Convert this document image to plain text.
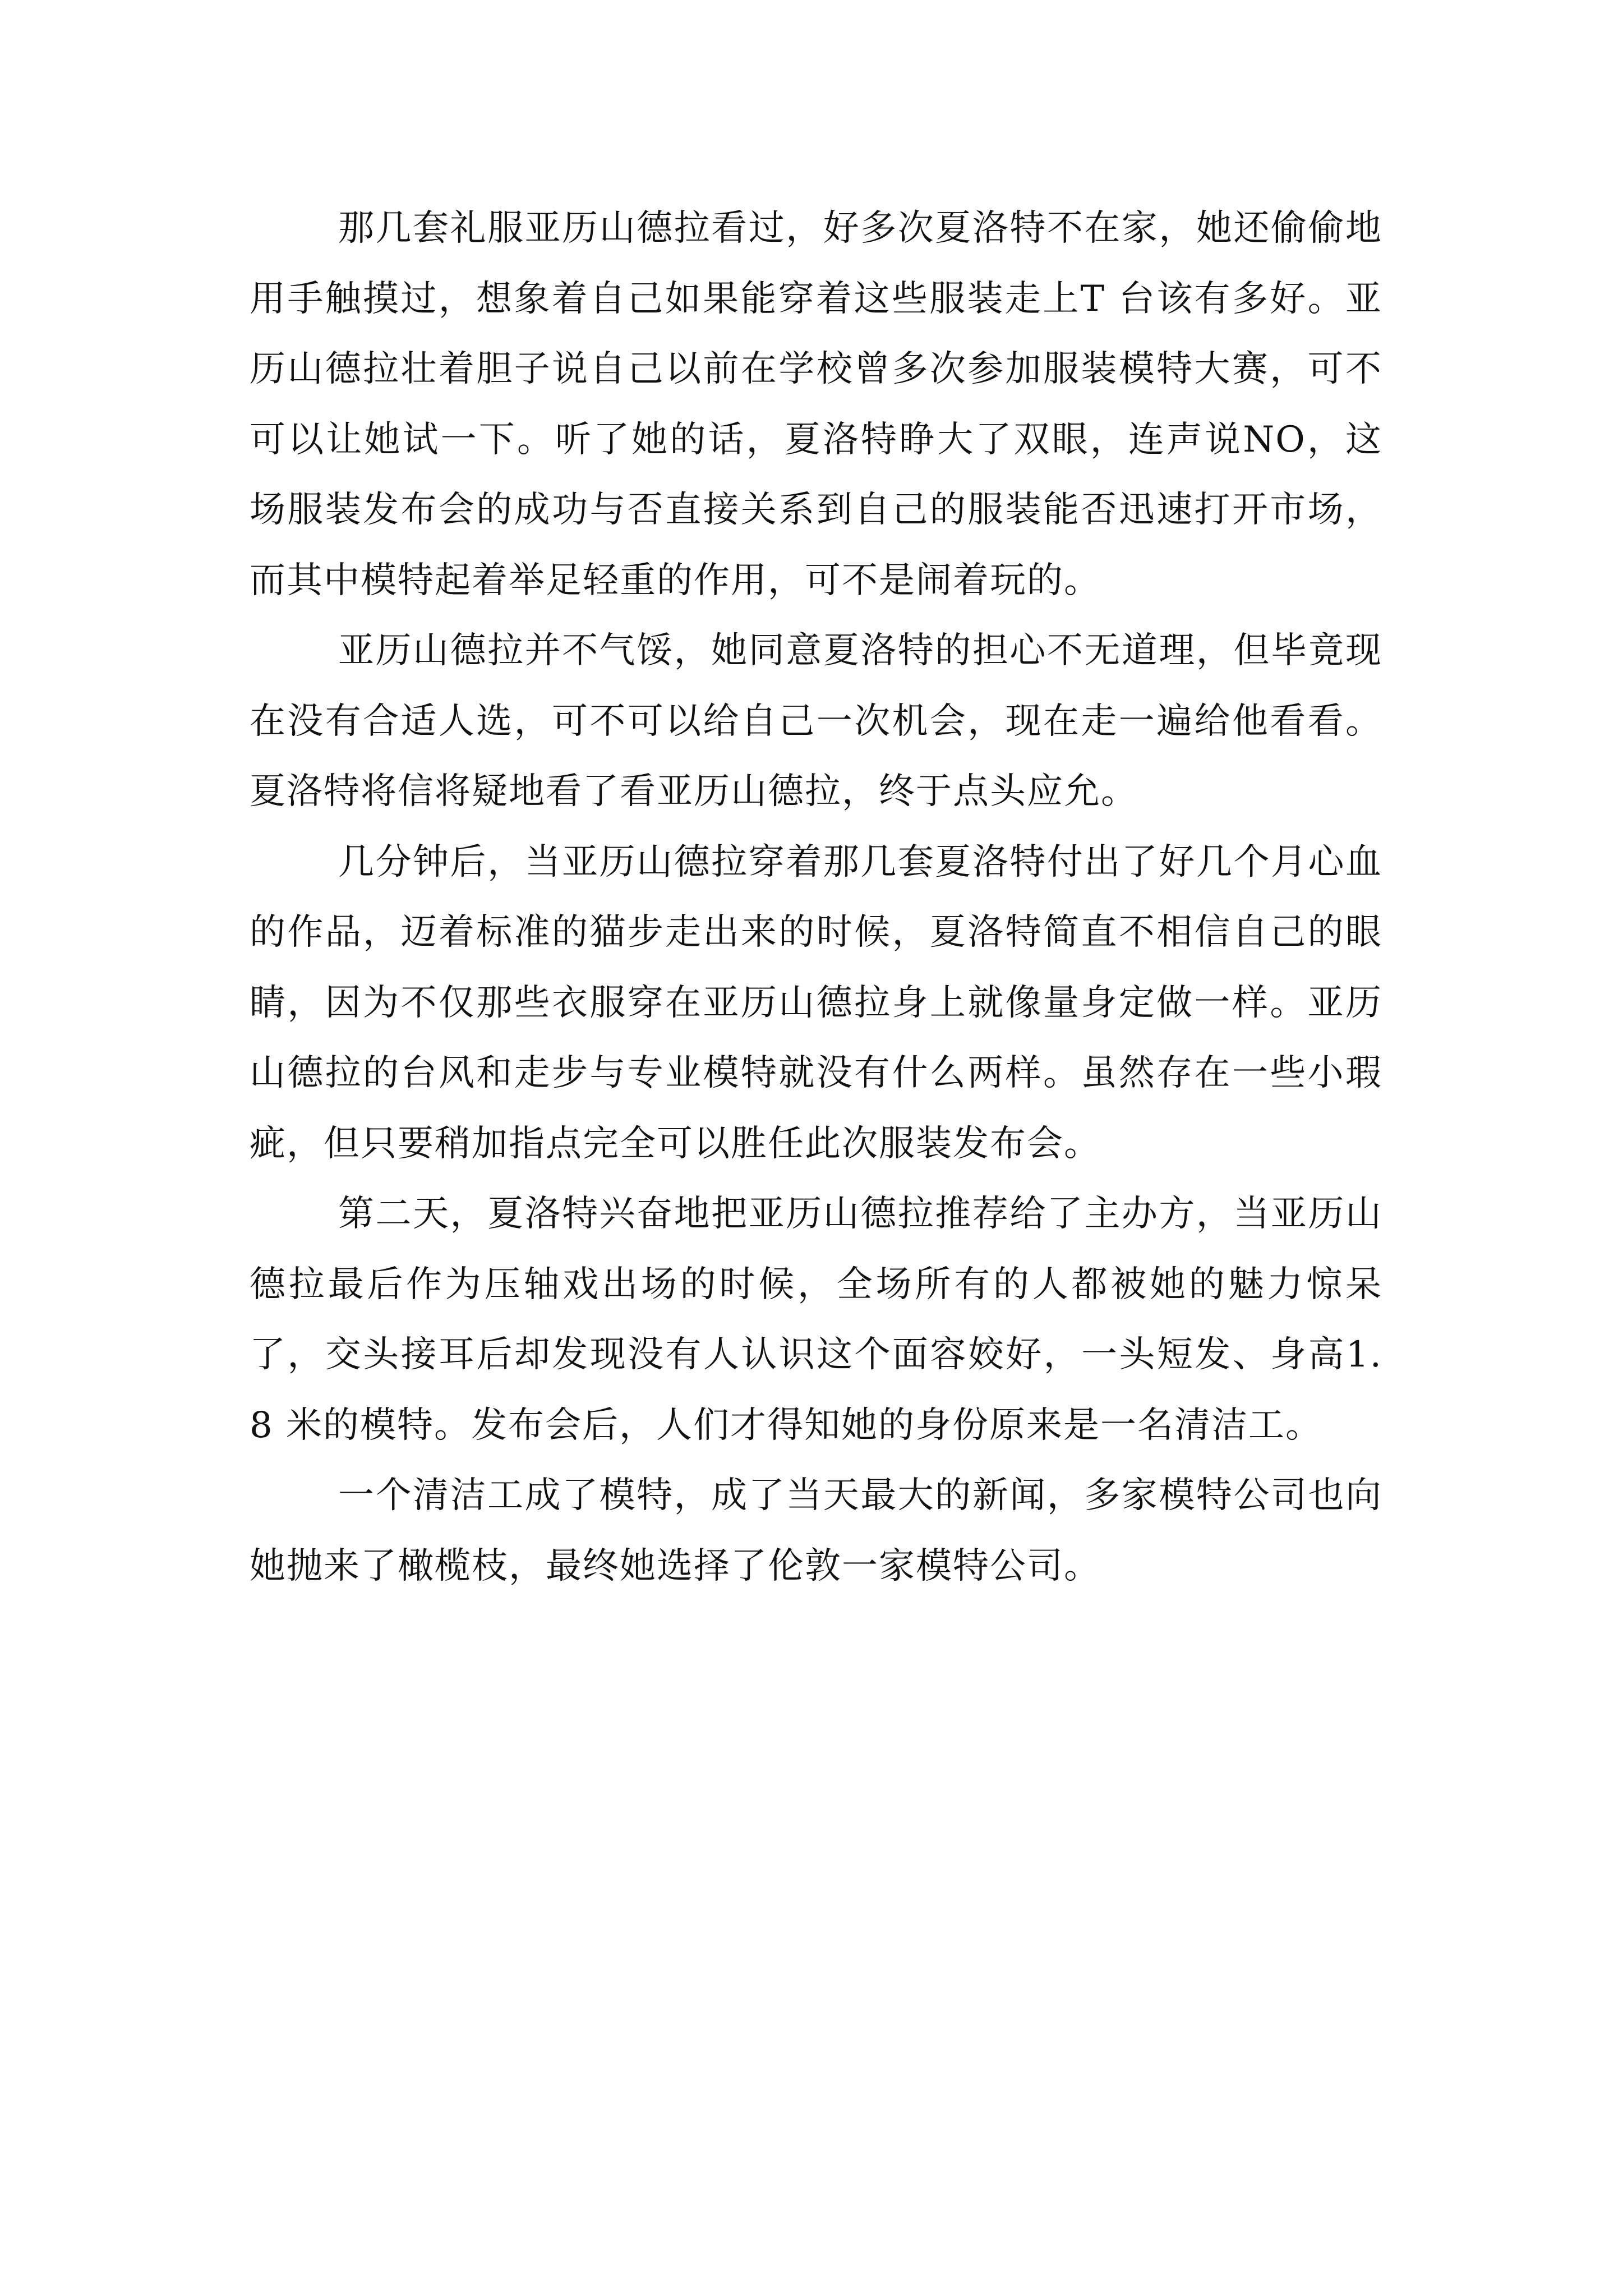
那几套礼服亚历山德拉看过，好多次夏洛特不在家，她还偷偷地用手触摸过，想象着自己如果能穿着这些服装走上T 台该有多好。亚历山德拉壮着胆子说自己以前在学校曾多次参加服装模特大赛，可不可以让她试一下。听了她的话，夏洛特睁大了双眼，连声说NO，这场服装发布会的成功与否直接关系到自己的服装能否迅速打开市场，而其中模特起着举足轻重的作用，可不是闹着玩的。

亚历山德拉并不气馁，她同意夏洛特的担心不无道理，但毕竟现在没有合适人选，可不可以给自己一次机会，现在走一遍给他看看。夏洛特将信将疑地看了看亚历山德拉，终于点头应允。

几分钟后，当亚历山德拉穿着那几套夏洛特付出了好几个月心血的作品，迈着标准的猫步走出来的时候，夏洛特简直不相信自己的眼睛，因为不仅那些衣服穿在亚历山德拉身上就像量身定做一样。亚历山德拉的台风和走步与专业模特就没有什么两样。虽然存在一些小瑕疵，但只要稍加指点完全可以胜任此次服装发布会。

第二天，夏洛特兴奋地把亚历山德拉推荐给了主办方，当亚历山德拉最后作为压轴戏出场的时候，全场所有的人都被她的魅力惊呆了，交头接耳后却发现没有人认识这个面容姣好，一头短发、身高1.8 米的模特。发布会后，人们才得知她的身份原来是一名清洁工。

一个清洁工成了模特，成了当天最大的新闻，多家模特公司也向她抛来了橄榄枝，最终她选择了伦敦一家模特公司。
